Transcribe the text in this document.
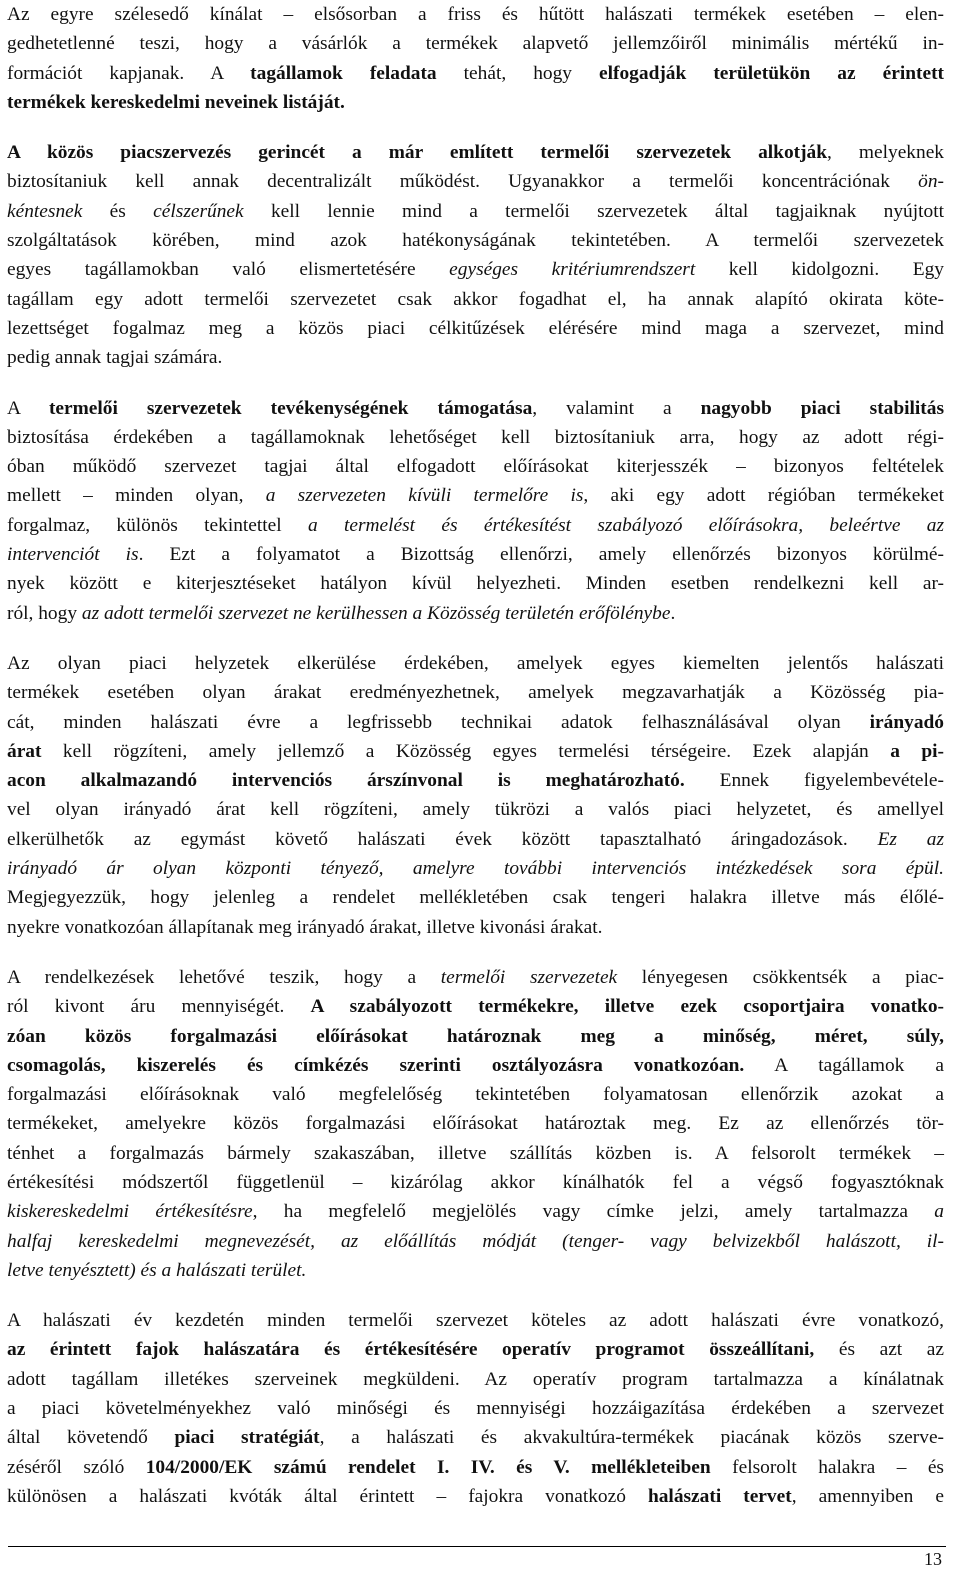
Az egyre szélesedő kínálat – elsősorban a friss és hűtött halászati termékek esetében – elen-
gedhetetlenné teszi, hogy a vásárlók a termékek alapvető jellemzőiről minimális mértékű in-
formációt kapjanak. A tagállamok feladata tehát, hogy elfogadják területükön az érintett
termékek kereskedelmi neveinek listáját.
A közös piacszervezés gerincét a már említett termelői szervezetek alkotják, melyeknek
biztosítaniuk kell annak decentralizált működést. Ugyanakkor a termelői koncentrációnak ön-
kéntesnek és célszerűnek kell lennie mind a termelői szervezetek által tagjaiknak nyújtott
szolgáltatások körében, mind azok hatékonyságának tekintetében. A termelői szervezetek
egyes tagállamokban való elismertetésére egységes kritériumrendszert kell kidolgozni. Egy
tagállam egy adott termelői szervezetet csak akkor fogadhat el, ha annak alapító okirata köte-
lezettséget fogalmaz meg a közös piaci célkitűzések elérésére mind maga a szervezet, mind
pedig annak tagjai számára.
A termelői szervezetek tevékenységének támogatása, valamint a nagyobb piaci stabilitás
biztosítása érdekében a tagállamoknak lehetőséget kell biztosítaniuk arra, hogy az adott régi-
óban működő szervezet tagjai által elfogadott előírásokat kiterjesszék – bizonyos feltételek
mellett – minden olyan, a szervezeten kívüli termelőre is, aki egy adott régióban termékeket
forgalmaz, különös tekintettel a termelést és értékesítést szabályozó előírásokra, beleértve az
intervenciót is. Ezt a folyamatot a Bizottság ellenőrzi, amely ellenőrzés bizonyos körülmé-
nyek között e kiterjesztéseket hatályon kívül helyezheti. Minden esetben rendelkezni kell ar-
ról, hogy az adott termelői szervezet ne kerülhessen a Közösség területén erőfölénybe.
Az olyan piaci helyzetek elkerülése érdekében, amelyek egyes kiemelten jelentős halászati
termékek esetében olyan árakat eredményezhetnek, amelyek megzavarhatják a Közösség pia-
cát, minden halászati évre a legfrissebb technikai adatok felhasználásával olyan irányadó
árat kell rögzíteni, amely jellemző a Közösség egyes termelési térségeire. Ezek alapján a pi-
acon alkalmazandó intervenciós árszínvonal is meghatározható. Ennek figyelembevétele-
vel olyan irányadó árat kell rögzíteni, amely tükrözi a valós piaci helyzetet, és amellyel
elkerülhetők az egymást követő halászati évek között tapasztalható áringadozások. Ez az
irányadó ár olyan központi tényező, amelyre további intervenciós intézkedések sora épül.
Megjegyezzük, hogy jelenleg a rendelet mellékletében csak tengeri halakra illetve más élőlé-
nyekre vonatkozóan állapítanak meg irányadó árakat, illetve kivonási árakat.
A rendelkezések lehetővé teszik, hogy a termelői szervezetek lényegesen csökkentsék a piac-
ról kivont áru mennyiségét. A szabályozott termékekre, illetve ezek csoportjaira vonatko-
zóan közös forgalmazási előírásokat határoznak meg a minőség, méret, súly,
csomagolás, kiszerelés és címkézés szerinti osztályozásra vonatkozóan. A tagállamok a
forgalmazási előírásoknak való megfelelőség tekintetében folyamatosan ellenőrzik azokat a
termékeket, amelyekre közös forgalmazási előírásokat határoztak meg. Ez az ellenőrzés tör-
ténhet a forgalmazás bármely szakaszában, illetve szállítás közben is. A felsorolt termékek –
értékesítési módszertől függetlenül – kizárólag akkor kínálhatók fel a végső fogyasztóknak
kiskereskedelmi értékesítésre, ha megfelelő megjelölés vagy címke jelzi, amely tartalmazza a
halfaj kereskedelmi megnevezését, az előállítás módját (tenger- vagy belvizekből halászott, il-
letve tenyésztett) és a halászati terület.
A halászati év kezdetén minden termelői szervezet köteles az adott halászati évre vonatkozó,
az érintett fajok halászatára és értékesítésére operatív programot összeállítani, és azt az
adott tagállam illetékes szerveinek megküldeni. Az operatív program tartalmazza a kínálatnak
a piaci követelményekhez való minőségi és mennyiségi hozzáigazítása érdekében a szervezet
által követendő piaci stratégiát, a halászati és akvakultúra-termékek piacának közös szerve-
zéséről szóló 104/2000/EK számú rendelet I. IV. és V. mellékleteiben felsorolt halakra – és
különösen a halászati kvóták által érintett – fajokra vonatkozó halászati tervet, amennyiben e
13
